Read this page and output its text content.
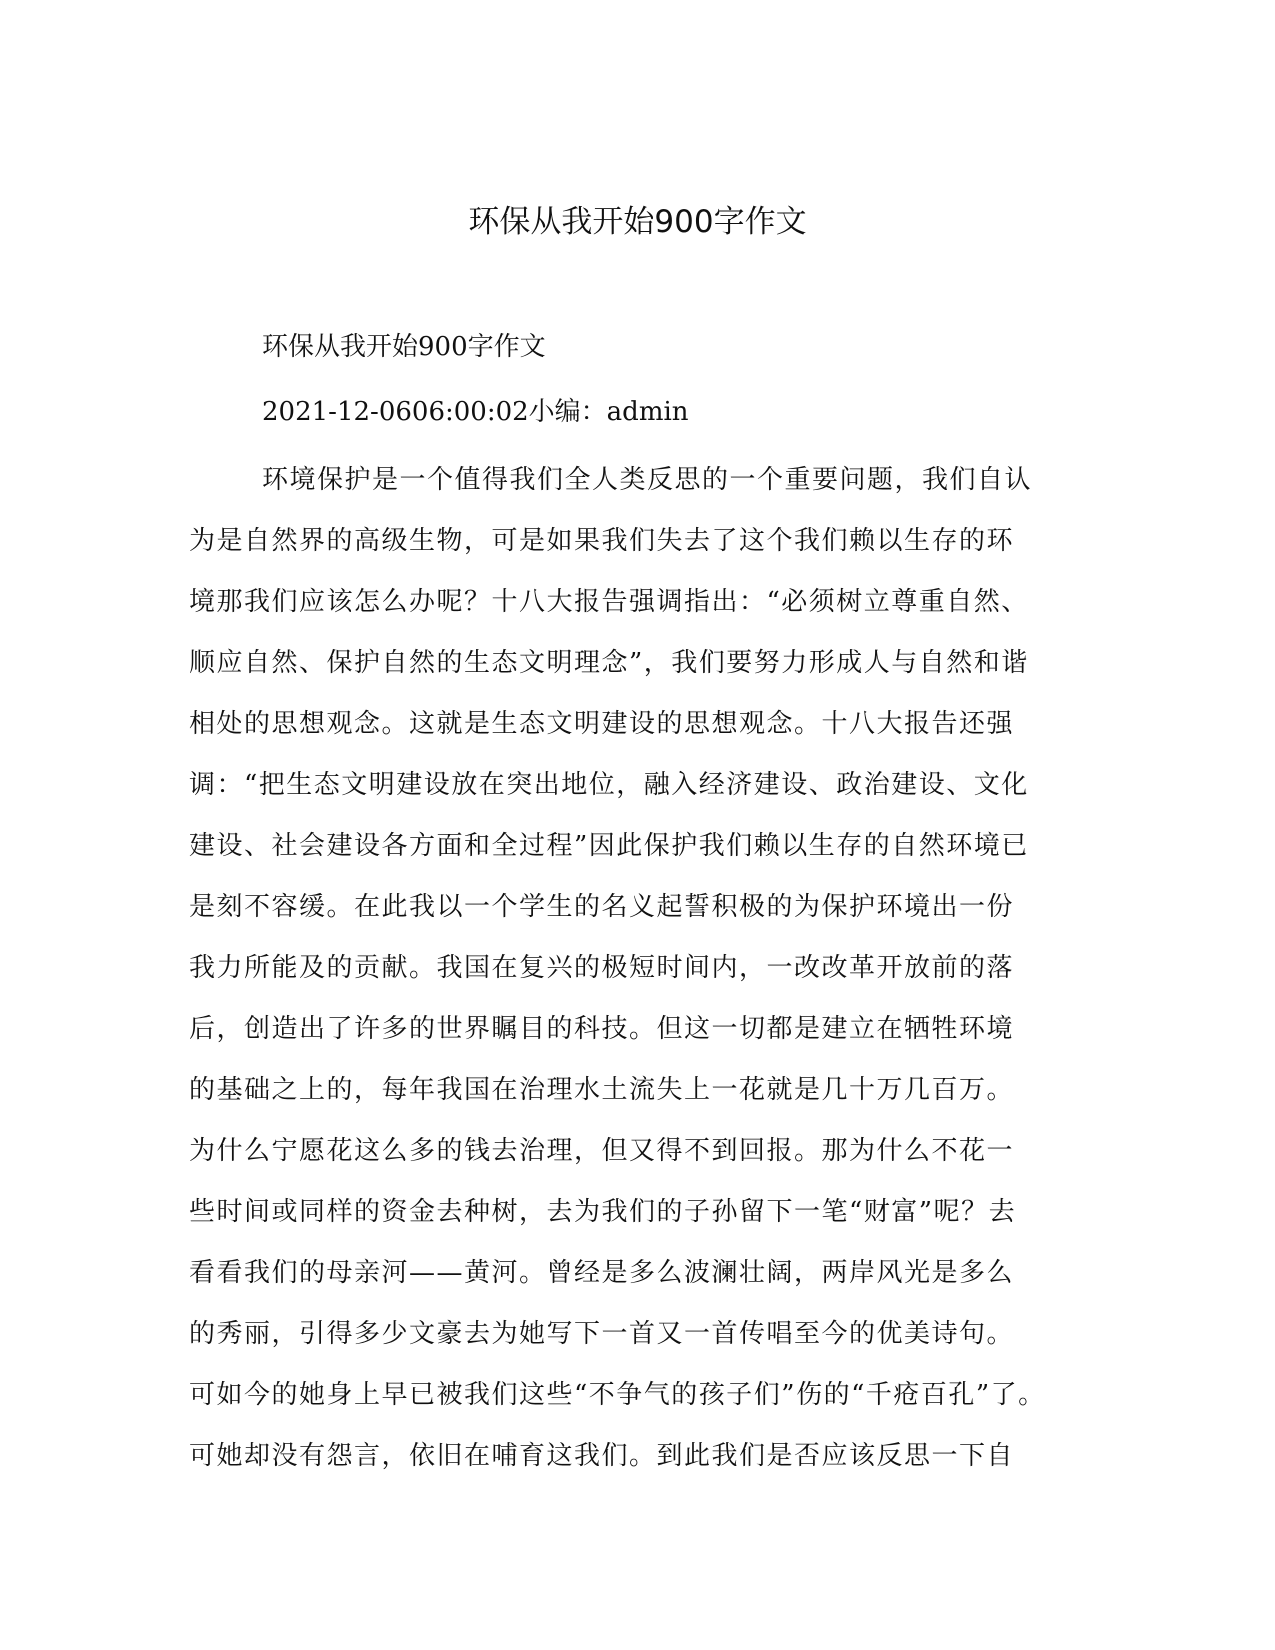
环保从我开始900字作文

环保从我开始900字作文

2021-12-0606:00:02小编：admin

环境保护是一个值得我们全人类反思的一个重要问题，我们自认
为是自然界的高级生物，可是如果我们失去了这个我们赖以生存的环
境那我们应该怎么办呢？十八大报告强调指出：“必须树立尊重自然、
顺应自然、保护自然的生态文明理念”，我们要努力形成人与自然和谐
相处的思想观念。这就是生态文明建设的思想观念。十八大报告还强
调：“把生态文明建设放在突出地位，融入经济建设、政治建设、文化
建设、社会建设各方面和全过程”因此保护我们赖以生存的自然环境已
是刻不容缓。在此我以一个学生的名义起誓积极的为保护环境出一份
我力所能及的贡献。我国在复兴的极短时间内，一改改革开放前的落
后，创造出了许多的世界瞩目的科技。但这一切都是建立在牺牲环境
的基础之上的，每年我国在治理水土流失上一花就是几十万几百万。
为什么宁愿花这么多的钱去治理，但又得不到回报。那为什么不花一
些时间或同样的资金去种树，去为我们的子孙留下一笔“财富”呢？去
看看我们的母亲河——黄河。曾经是多么波澜壮阔，两岸风光是多么
的秀丽，引得多少文豪去为她写下一首又一首传唱至今的优美诗句。
可如今的她身上早已被我们这些“不争气的孩子们”伤的“千疮百孔”了。
可她却没有怨言，依旧在哺育这我们。到此我们是否应该反思一下自
